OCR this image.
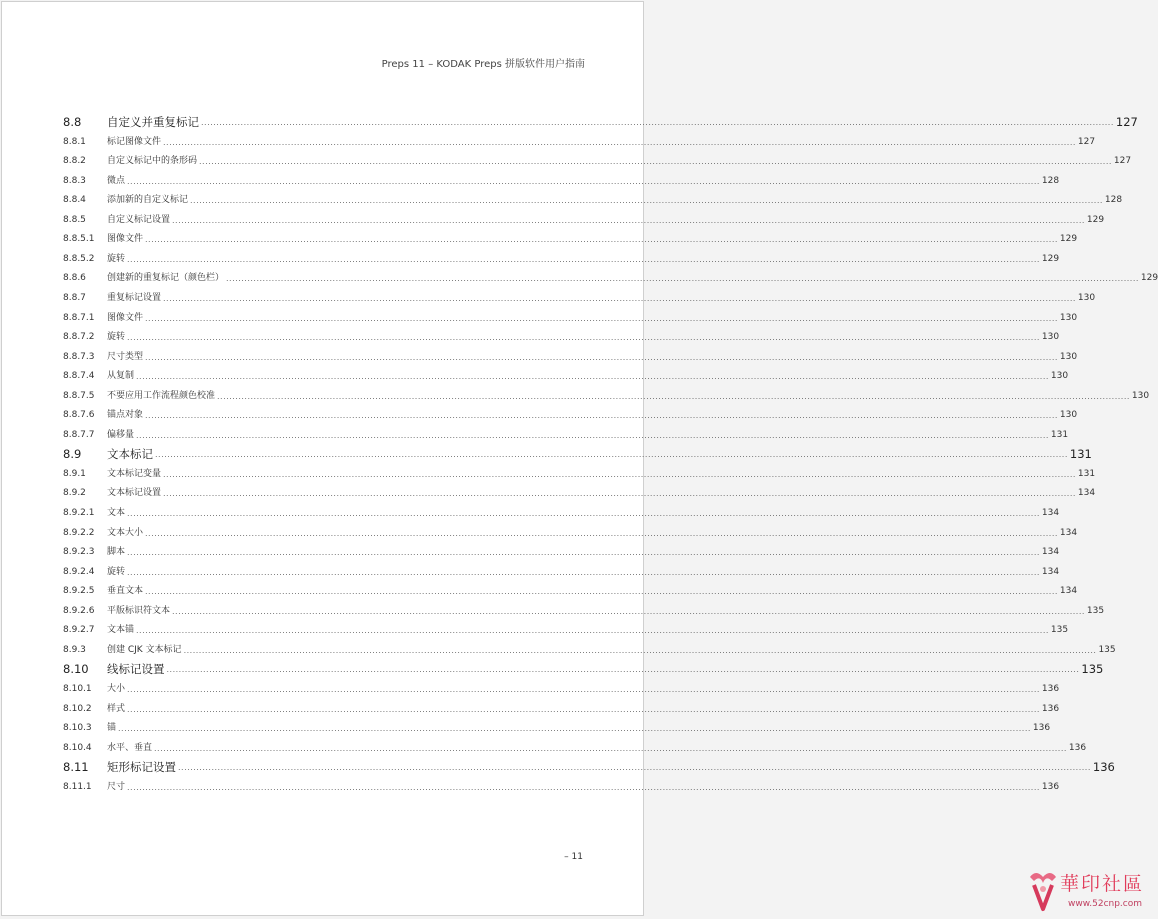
Preps 11 – KODAK Preps 拼版软件用户指南
8.8	自定义并重复标记 ............................................................................................................................................................................................................................................................................................................ 127
8.8.1	标记图像文件 ............................................................................................................................................................................................................................................................................................................ 127
8.8.2	自定义标记中的条形码 ............................................................................................................................................................................................................................................................................................................ 127
8.8.3	微点 ............................................................................................................................................................................................................................................................................................................ 128
8.8.4	添加新的自定义标记 ............................................................................................................................................................................................................................................................................................................ 128
8.8.5	自定义标记设置 ............................................................................................................................................................................................................................................................................................................ 129
8.8.5.1	图像文件 ............................................................................................................................................................................................................................................................................................................ 129
8.8.5.2	旋转 ............................................................................................................................................................................................................................................................................................................ 129
8.8.6	创建新的重复标记（颜色栏） ............................................................................................................................................................................................................................................................................................................ 129
8.8.7	重复标记设置 ............................................................................................................................................................................................................................................................................................................ 130
8.8.7.1	图像文件 ............................................................................................................................................................................................................................................................................................................ 130
8.8.7.2	旋转 ............................................................................................................................................................................................................................................................................................................ 130
8.8.7.3	尺寸类型 ............................................................................................................................................................................................................................................................................................................ 130
8.8.7.4	从复制 ............................................................................................................................................................................................................................................................................................................ 130
8.8.7.5	不要应用工作流程颜色校准 ............................................................................................................................................................................................................................................................................................................ 130
8.8.7.6	锚点对象 ............................................................................................................................................................................................................................................................................................................ 130
8.8.7.7	偏移量 ............................................................................................................................................................................................................................................................................................................ 131
8.9	文本标记 ............................................................................................................................................................................................................................................................................................................ 131
8.9.1	文本标记变量 ............................................................................................................................................................................................................................................................................................................ 131
8.9.2	文本标记设置 ............................................................................................................................................................................................................................................................................................................ 134
8.9.2.1	文本 ............................................................................................................................................................................................................................................................................................................ 134
8.9.2.2	文本大小 ............................................................................................................................................................................................................................................................................................................ 134
8.9.2.3	脚本 ............................................................................................................................................................................................................................................................................................................ 134
8.9.2.4	旋转 ............................................................................................................................................................................................................................................................................................................ 134
8.9.2.5	垂直文本 ............................................................................................................................................................................................................................................................................................................ 134
8.9.2.6	平版标识符文本 ............................................................................................................................................................................................................................................................................................................ 135
8.9.2.7	文本锚 ............................................................................................................................................................................................................................................................................................................ 135
8.9.3	创建 CJK 文本标记 ............................................................................................................................................................................................................................................................................................................ 135
8.10	线标记设置 ............................................................................................................................................................................................................................................................................................................ 135
8.10.1	大小 ............................................................................................................................................................................................................................................................................................................ 136
8.10.2	样式 ............................................................................................................................................................................................................................................................................................................ 136
8.10.3	锚 ............................................................................................................................................................................................................................................................................................................ 136
8.10.4	水平、垂直 ............................................................................................................................................................................................................................................................................................................ 136
8.11	矩形标记设置 ............................................................................................................................................................................................................................................................................................................ 136
8.11.1	尺寸 ............................................................................................................................................................................................................................................................................................................ 136
– 11
華印社區
www.52cnp.com
